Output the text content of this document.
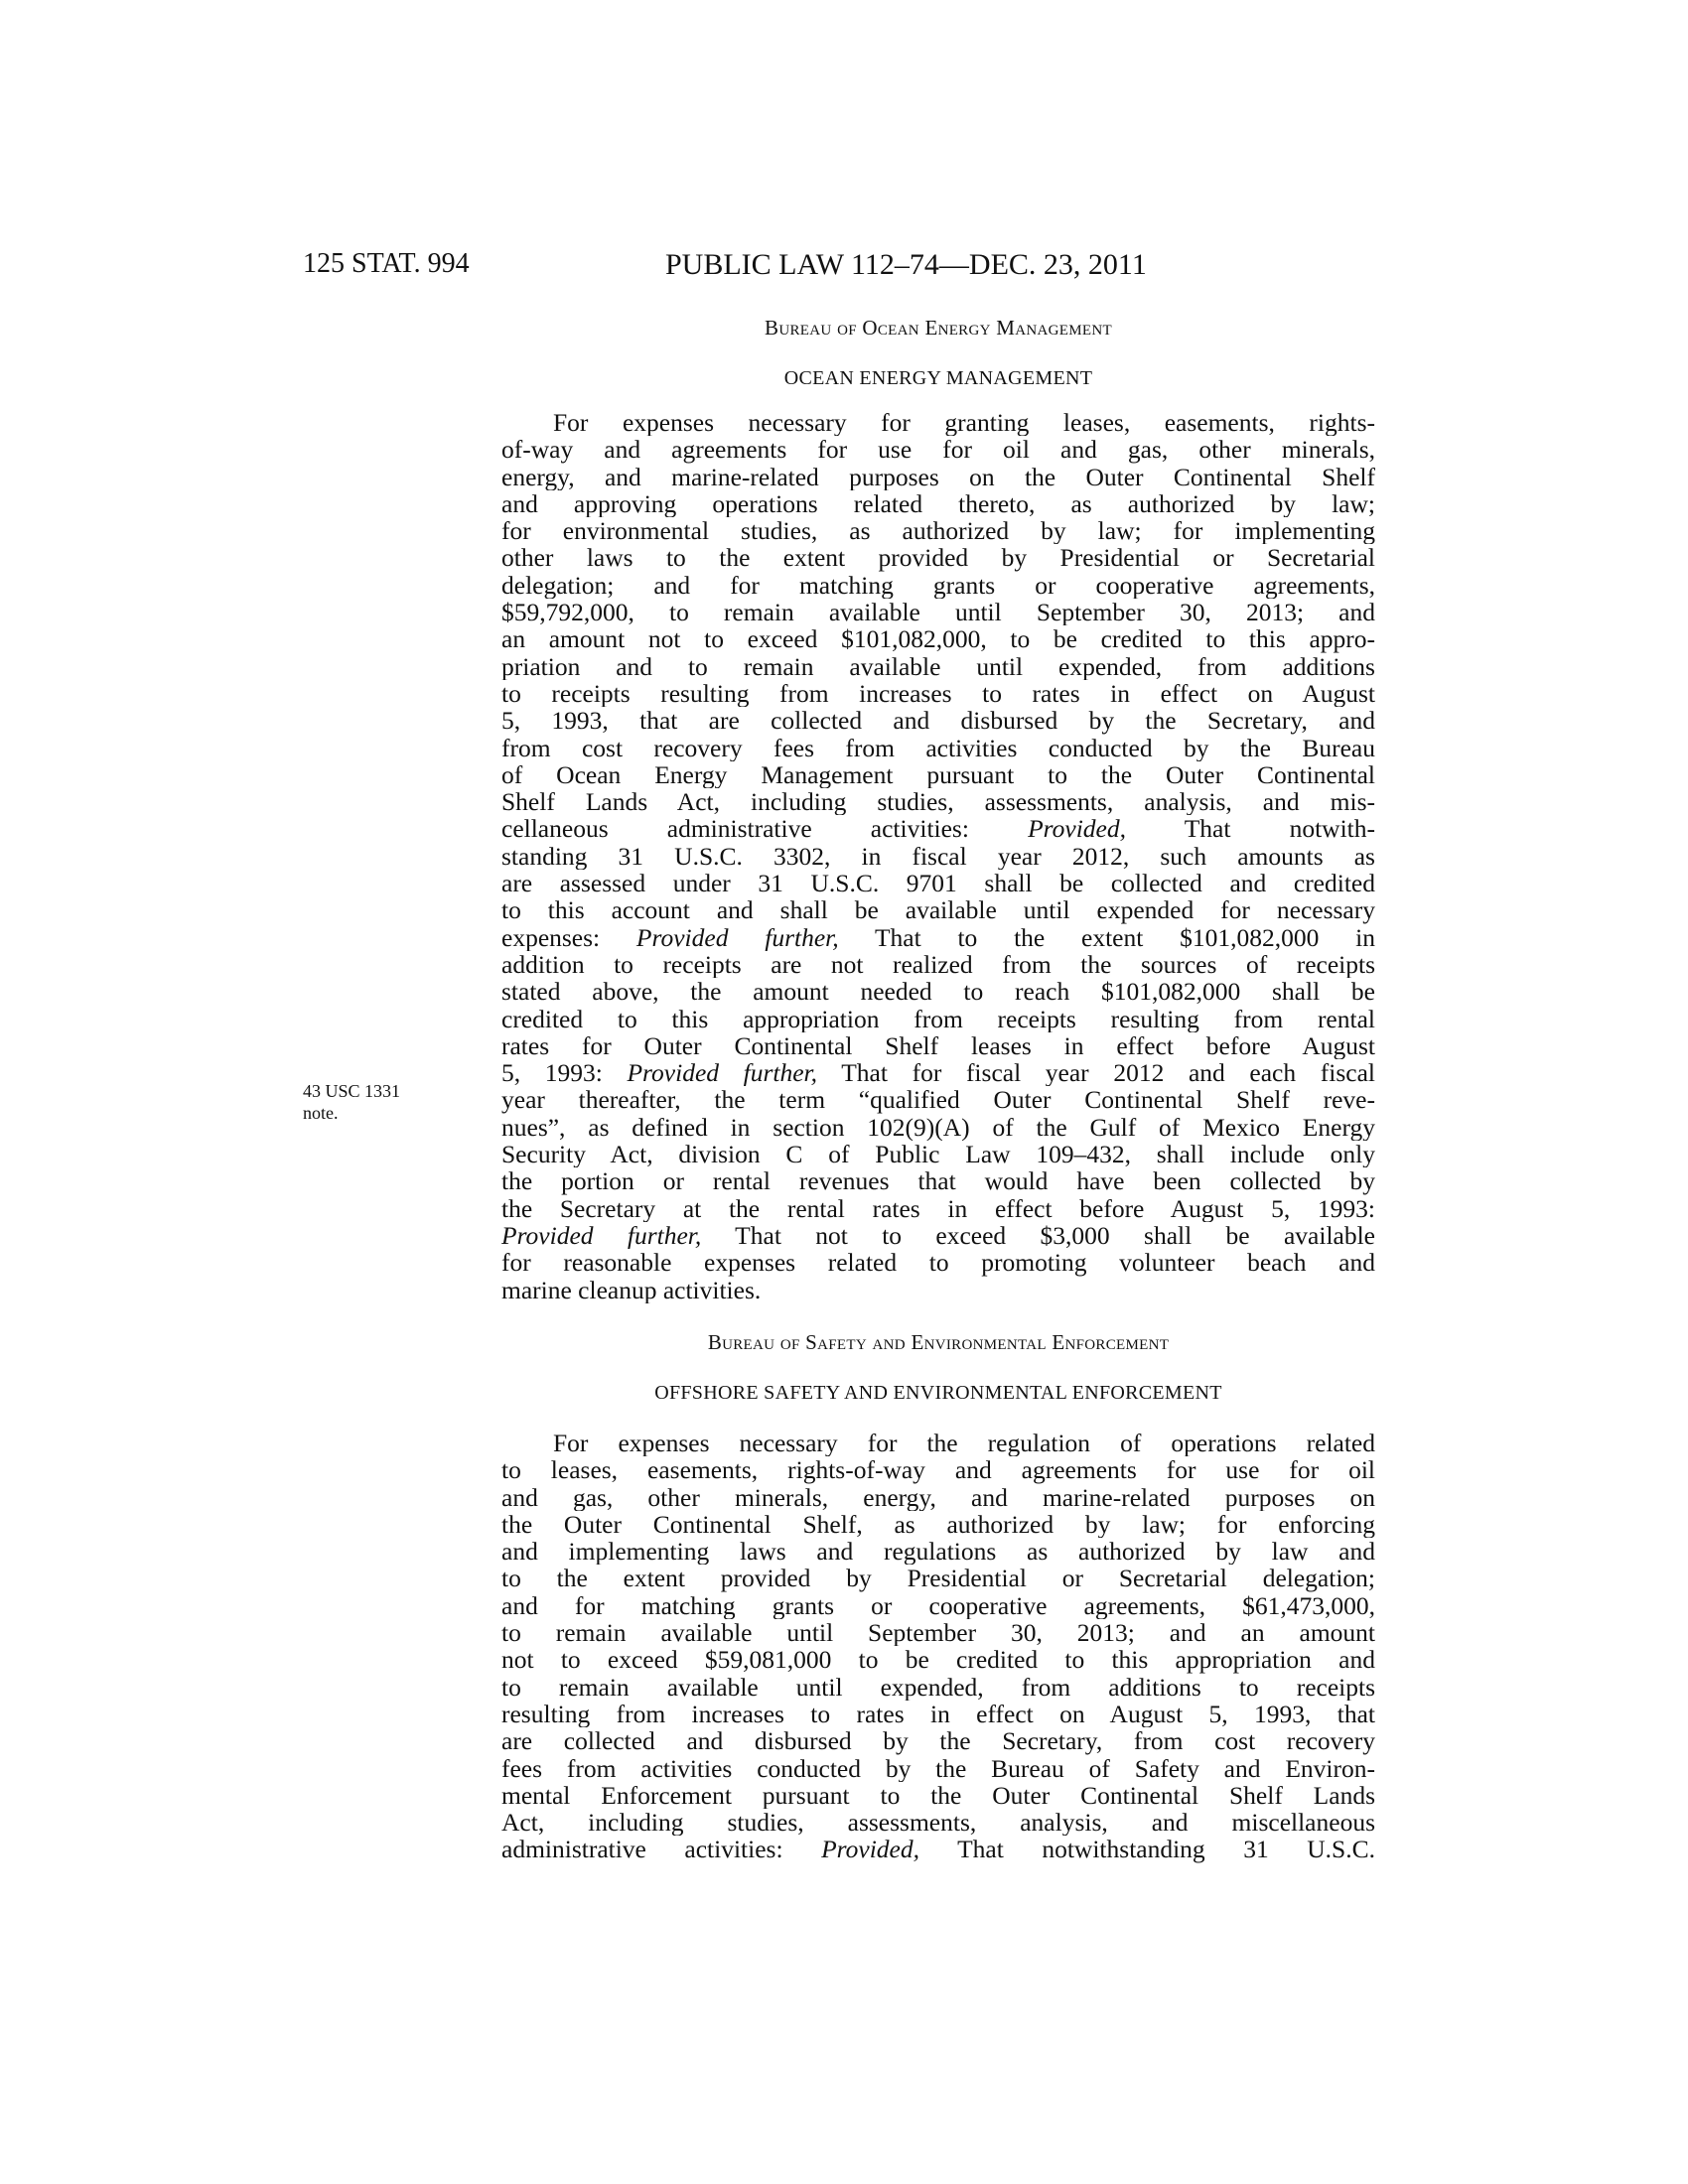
125 STAT. 994	PUBLIC LAW 112–74—DEC. 23, 2011
Bureau of Ocean Energy Management
OCEAN ENERGY MANAGEMENT
For expenses necessary for granting leases, easements, rights-
of-way and agreements for use for oil and gas, other minerals,
energy, and marine-related purposes on the Outer Continental Shelf
and approving operations related thereto, as authorized by law;
for environmental studies, as authorized by law; for implementing
other laws to the extent provided by Presidential or Secretarial
delegation; and for matching grants or cooperative agreements,
$59,792,000, to remain available until September 30, 2013; and
an amount not to exceed $101,082,000, to be credited to this appro-
priation and to remain available until expended, from additions
to receipts resulting from increases to rates in effect on August
5, 1993, that are collected and disbursed by the Secretary, and
from cost recovery fees from activities conducted by the Bureau
of Ocean Energy Management pursuant to the Outer Continental
Shelf Lands Act, including studies, assessments, analysis, and mis-
cellaneous administrative activities: Provided, That notwith-
standing 31 U.S.C. 3302, in fiscal year 2012, such amounts as
are assessed under 31 U.S.C. 9701 shall be collected and credited
to this account and shall be available until expended for necessary
expenses: Provided further, That to the extent $101,082,000 in
addition to receipts are not realized from the sources of receipts
stated above, the amount needed to reach $101,082,000 shall be
credited to this appropriation from receipts resulting from rental
rates for Outer Continental Shelf leases in effect before August
5, 1993: Provided further, That for fiscal year 2012 and each fiscal
year thereafter, the term “qualified Outer Continental Shelf reve-
nues”, as defined in section 102(9)(A) of the Gulf of Mexico Energy
Security Act, division C of Public Law 109–432, shall include only
the portion or rental revenues that would have been collected by
the Secretary at the rental rates in effect before August 5, 1993:
Provided further, That not to exceed $3,000 shall be available
for reasonable expenses related to promoting volunteer beach and
marine cleanup activities.
43 USC 1331
note.
Bureau of Safety and Environmental Enforcement
OFFSHORE SAFETY AND ENVIRONMENTAL ENFORCEMENT
For expenses necessary for the regulation of operations related
to leases, easements, rights-of-way and agreements for use for oil
and gas, other minerals, energy, and marine-related purposes on
the Outer Continental Shelf, as authorized by law; for enforcing
and implementing laws and regulations as authorized by law and
to the extent provided by Presidential or Secretarial delegation;
and for matching grants or cooperative agreements, $61,473,000,
to remain available until September 30, 2013; and an amount
not to exceed $59,081,000 to be credited to this appropriation and
to remain available until expended, from additions to receipts
resulting from increases to rates in effect on August 5, 1993, that
are collected and disbursed by the Secretary, from cost recovery
fees from activities conducted by the Bureau of Safety and Environ-
mental Enforcement pursuant to the Outer Continental Shelf Lands
Act, including studies, assessments, analysis, and miscellaneous
administrative activities: Provided, That notwithstanding 31 U.S.C.
